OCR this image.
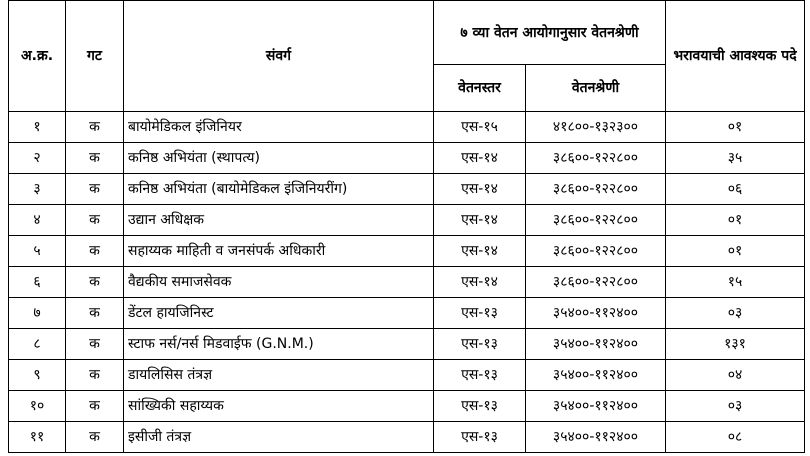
अ.क्र.	गट	संवर्ग	७ व्या वेतन आयोगानुसार वेतनश्रेणी		भरावयाची आवश्यक पदे
			वेतनस्तर	वेतनश्रेणी	
१	क	बायोमेडिकल इंजिनियर	एस-१५	४१८००-१३२३००	०१
२	क	कनिष्ठ अभियंता (स्थापत्य)	एस-१४	३८६००-१२२८००	३५
३	क	कनिष्ठ अभियंता (बायोमेडिकल इंजिनियरींग)	एस-१४	३८६००-१२२८००	०६
४	क	उद्यान अधिक्षक	एस-१४	३८६००-१२२८००	०१
५	क	सहाय्यक माहिती व जनसंपर्क अधिकारी	एस-१४	३८६००-१२२८००	०१
६	क	वैद्यकीय समाजसेवक	एस-१४	३८६००-१२२८००	१५
७	क	डेंटल हायजिनिस्ट	एस-१३	३५४००-११२४००	०३
८	क	स्टाफ नर्स/नर्स मिडवाईफ (G.N.M.)	एस-१३	३५४००-११२४००	१३१
९	क	डायलिसिस तंत्रज्ञ	एस-१३	३५४००-११२४००	०४
१०	क	सांख्यिकी सहाय्यक	एस-१३	३५४००-११२४००	०३
११	क	इसीजी तंत्रज्ञ	एस-१३	३५४००-११२४००	०८
